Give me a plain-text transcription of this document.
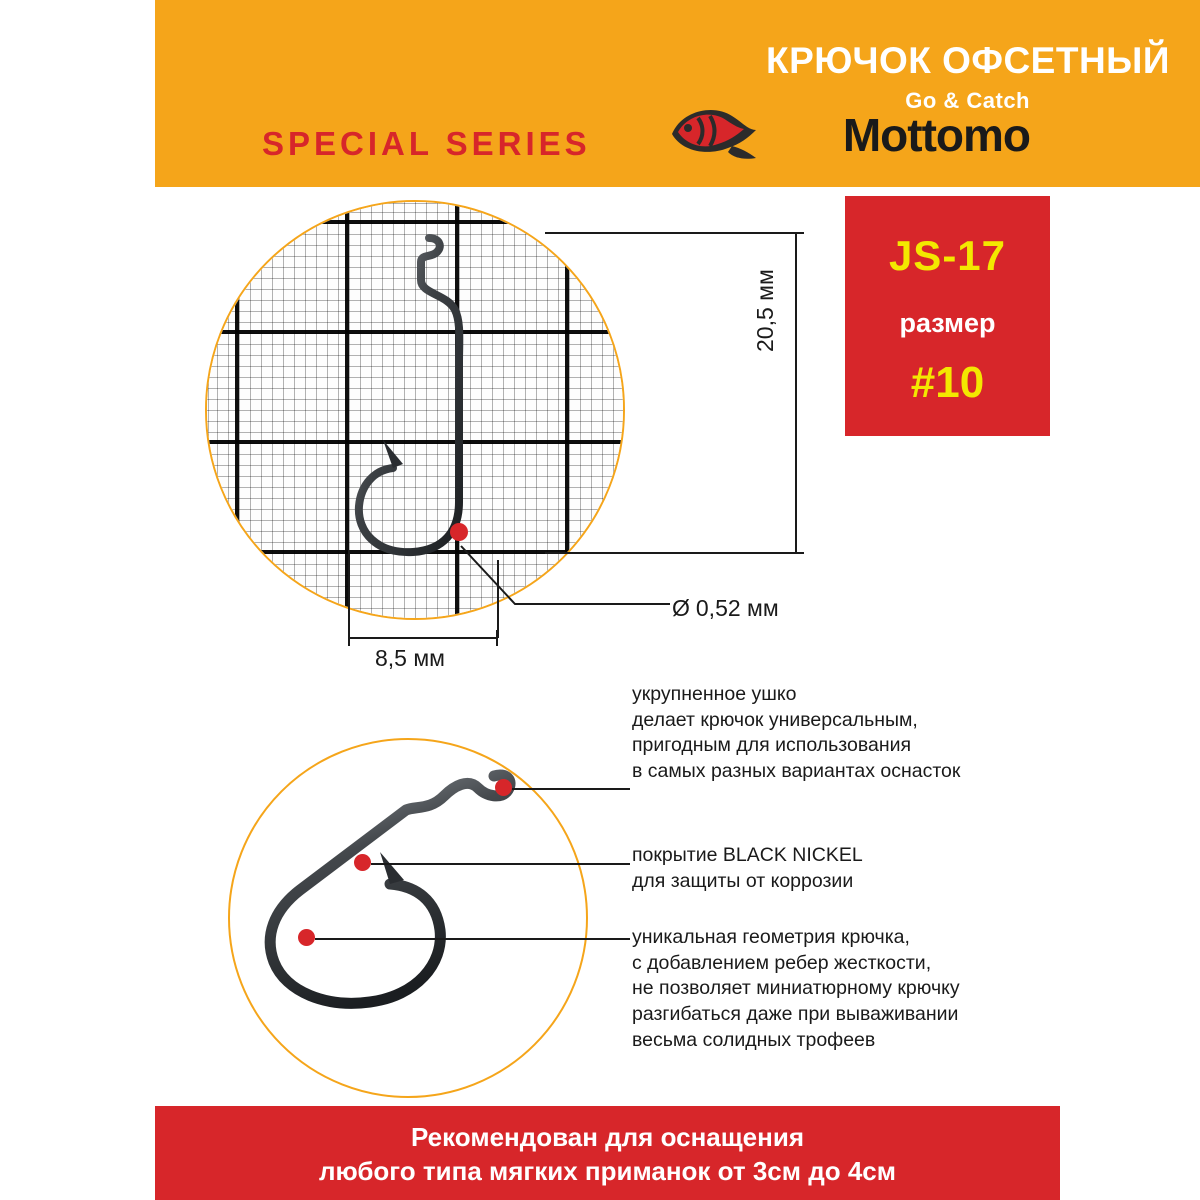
КРЮЧОК ОФСЕТНЫЙ
Go & Catch
Mottomo
SPECIAL SERIES
JS-17
размер
#10
20,5 мм
8,5 мм
Ø 0,52 мм
укрупненное ушко
делает крючок универсальным,
пригодным для использования
в самых разных вариантах оснасток
покрытие BLACK NICKEL
для защиты от коррозии
уникальная геометрия крючка,
с добавлением ребер жесткости,
не позволяет миниатюрному крючку
разгибаться даже при вываживании
весьма солидных трофеев

Рекомендован для оснащения

любого типа мягких приманок от 3см до 4см
